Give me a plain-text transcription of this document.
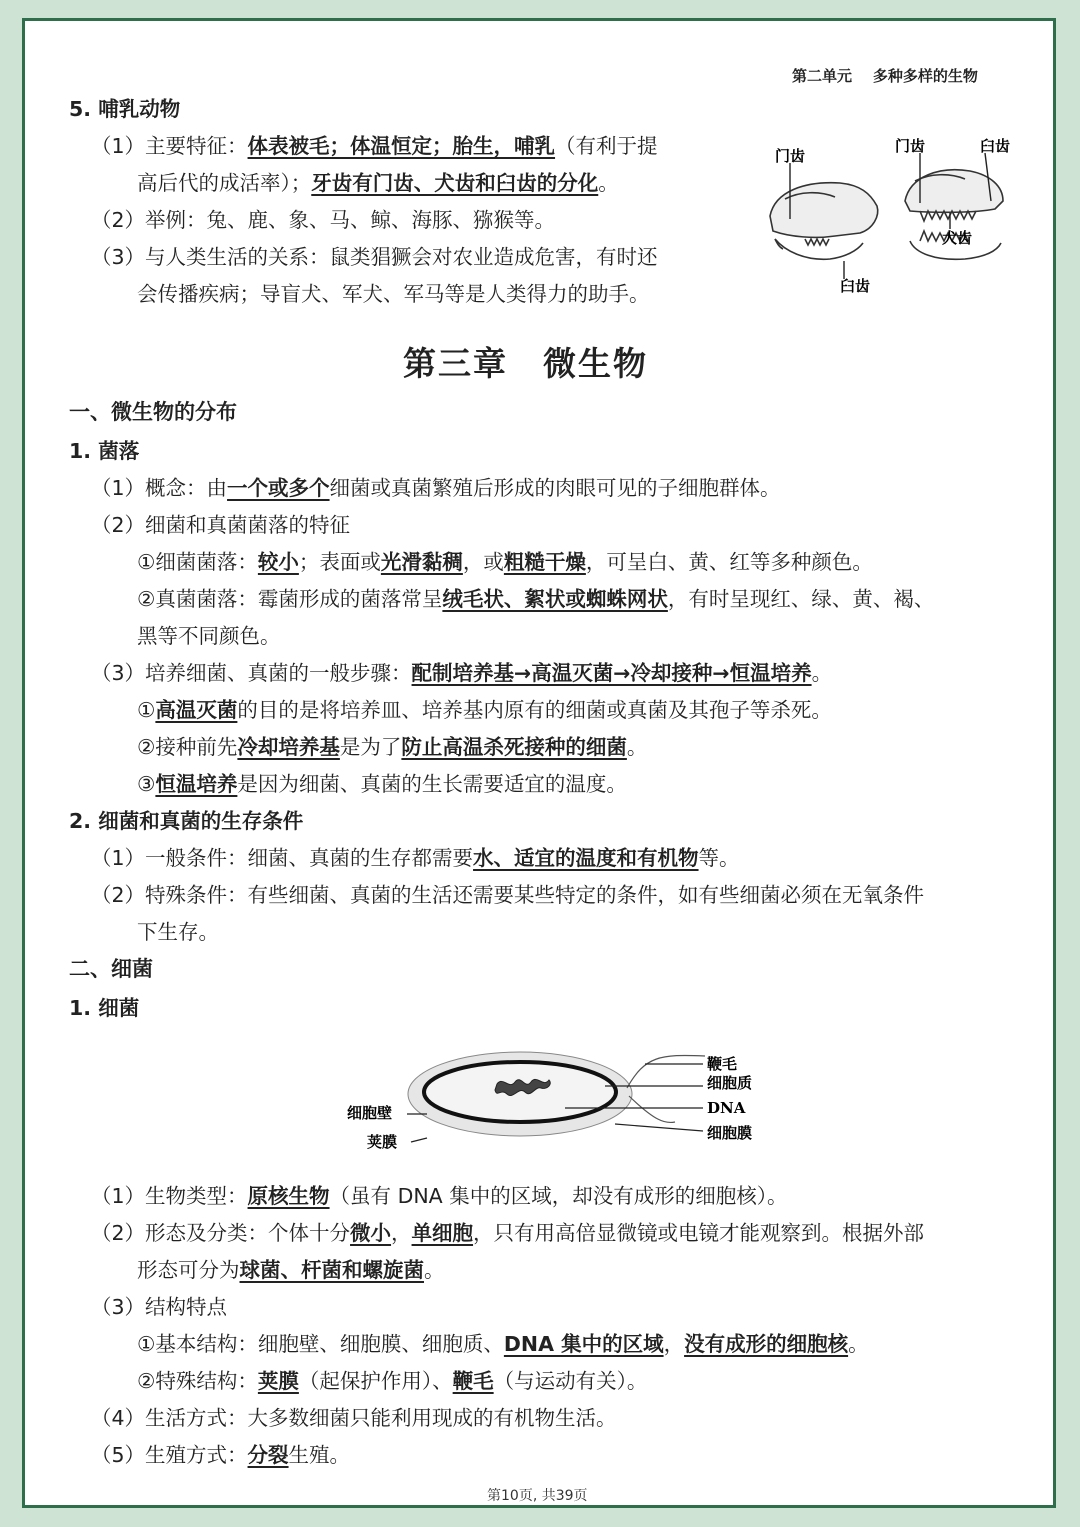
第二单元 多种多样的生物
5. 哺乳动物
（1）主要特征：体表被毛；体温恒定；胎生，哺乳（有利于提
高后代的成活率）；牙齿有门齿、犬齿和臼齿的分化。
（2）举例：兔、鹿、象、马、鲸、海豚、猕猴等。
（3）与人类生活的关系：鼠类猖獗会对农业造成危害，有时还
会传播疾病；导盲犬、军犬、军马等是人类得力的助手。
门齿
门齿	臼齿
犬齿
臼齿
第三章　微生物
一、微生物的分布
1. 菌落
（1）概念：由一个或多个细菌或真菌繁殖后形成的肉眼可见的子细胞群体。
（2）细菌和真菌菌落的特征
①细菌菌落：较小；表面或光滑黏稠，或粗糙干燥，可呈白、黄、红等多种颜色。
②真菌菌落：霉菌形成的菌落常呈绒毛状、絮状或蜘蛛网状，有时呈现红、绿、黄、褐、
黑等不同颜色。
（3）培养细菌、真菌的一般步骤：配制培养基→高温灭菌→冷却接种→恒温培养。
①高温灭菌的目的是将培养皿、培养基内原有的细菌或真菌及其孢子等杀死。
②接种前先冷却培养基是为了防止高温杀死接种的细菌。
③恒温培养是因为细菌、真菌的生长需要适宜的温度。
2. 细菌和真菌的生存条件
（1）一般条件：细菌、真菌的生存都需要水、适宜的温度和有机物等。
（2）特殊条件：有些细菌、真菌的生活还需要某些特定的条件，如有些细菌必须在无氧条件
下生存。
二、细菌
1. 细菌
鞭毛
细胞质
DNA
细胞膜
细胞壁
荚膜
（1）生物类型：原核生物（虽有 DNA 集中的区域，却没有成形的细胞核）。
（2）形态及分类：个体十分微小，单细胞，只有用高倍显微镜或电镜才能观察到。根据外部
形态可分为球菌、杆菌和螺旋菌。
（3）结构特点
①基本结构：细胞壁、细胞膜、细胞质、DNA 集中的区域，没有成形的细胞核。
②特殊结构：荚膜（起保护作用）、鞭毛（与运动有关）。
（4）生活方式：大多数细菌只能利用现成的有机物生活。
（5）生殖方式：分裂生殖。
第10页, 共39页
